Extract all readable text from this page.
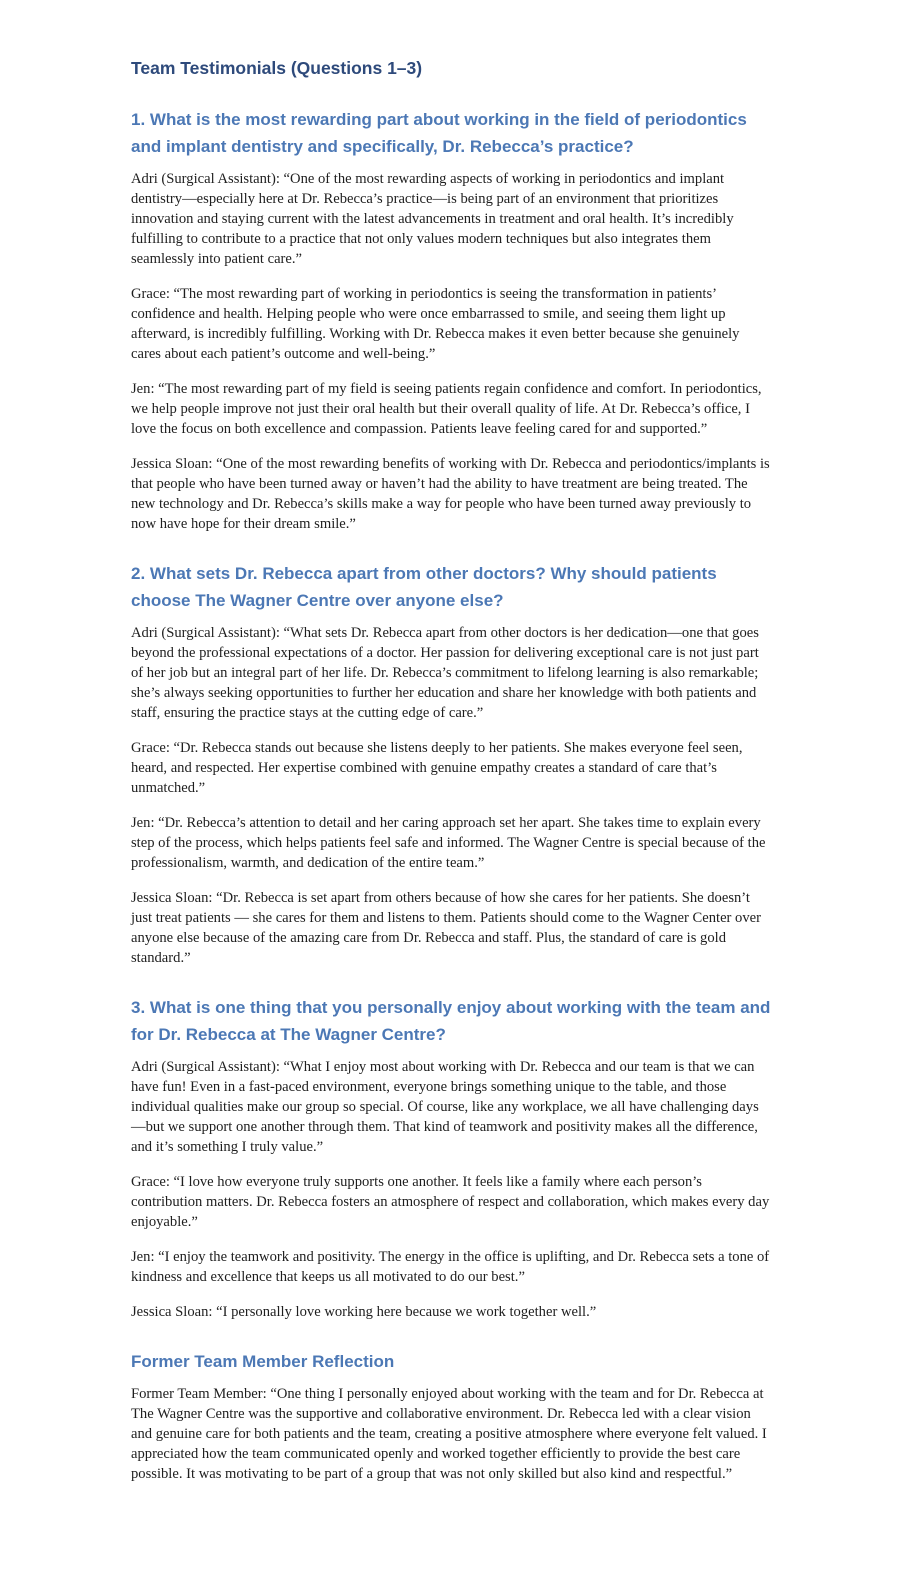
Team Testimonials (Questions 1–3)
1. What is the most rewarding part about working in the field of periodontics and implant dentistry and specifically, Dr. Rebecca’s practice?

Adri (Surgical Assistant): “One of the most rewarding aspects of working in periodontics and implant dentistry—especially here at Dr. Rebecca’s practice—is being part of an environment that prioritizes innovation and staying current with the latest advancements in treatment and oral health. It’s incredibly fulfilling to contribute to a practice that not only values modern techniques but also integrates them seamlessly into patient care.”

Grace: “The most rewarding part of working in periodontics is seeing the transformation in patients’ confidence and health. Helping people who were once embarrassed to smile, and seeing them light up afterward, is incredibly fulfilling. Working with Dr. Rebecca makes it even better because she genuinely cares about each patient’s outcome and well-being.”

Jen: “The most rewarding part of my field is seeing patients regain confidence and comfort. In periodontics, we help people improve not just their oral health but their overall quality of life. At Dr. Rebecca’s office, I love the focus on both excellence and compassion. Patients leave feeling cared for and supported.”

Jessica Sloan: “One of the most rewarding benefits of working with Dr. Rebecca and periodontics/implants is that people who have been turned away or haven’t had the ability to have treatment are being treated. The new technology and Dr. Rebecca’s skills make a way for people who have been turned away previously to now have hope for their dream smile.”

2. What sets Dr. Rebecca apart from other doctors? Why should patients choose The Wagner Centre over anyone else?

Adri (Surgical Assistant): “What sets Dr. Rebecca apart from other doctors is her dedication—one that goes beyond the professional expectations of a doctor. Her passion for delivering exceptional care is not just part of her job but an integral part of her life. Dr. Rebecca’s commitment to lifelong learning is also remarkable; she’s always seeking opportunities to further her education and share her knowledge with both patients and staff, ensuring the practice stays at the cutting edge of care.”

Grace: “Dr. Rebecca stands out because she listens deeply to her patients. She makes everyone feel seen, heard, and respected. Her expertise combined with genuine empathy creates a standard of care that’s unmatched.”

Jen: “Dr. Rebecca’s attention to detail and her caring approach set her apart. She takes time to explain every step of the process, which helps patients feel safe and informed. The Wagner Centre is special because of the professionalism, warmth, and dedication of the entire team.”

Jessica Sloan: “Dr. Rebecca is set apart from others because of how she cares for her patients. She doesn’t just treat patients — she cares for them and listens to them. Patients should come to the Wagner Center over anyone else because of the amazing care from Dr. Rebecca and staff. Plus, the standard of care is gold standard.”

3. What is one thing that you personally enjoy about working with the team and for Dr. Rebecca at The Wagner Centre?

Adri (Surgical Assistant): “What I enjoy most about working with Dr. Rebecca and our team is that we can have fun! Even in a fast-paced environment, everyone brings something unique to the table, and those individual qualities make our group so special. Of course, like any workplace, we all have challenging days—but we support one another through them. That kind of teamwork and positivity makes all the difference, and it’s something I truly value.”

Grace: “I love how everyone truly supports one another. It feels like a family where each person’s contribution matters. Dr. Rebecca fosters an atmosphere of respect and collaboration, which makes every day enjoyable.”

Jen: “I enjoy the teamwork and positivity. The energy in the office is uplifting, and Dr. Rebecca sets a tone of kindness and excellence that keeps us all motivated to do our best.”

Jessica Sloan: “I personally love working here because we work together well.”

Former Team Member Reflection

Former Team Member: “One thing I personally enjoyed about working with the team and for Dr. Rebecca at The Wagner Centre was the supportive and collaborative environment. Dr. Rebecca led with a clear vision and genuine care for both patients and the team, creating a positive atmosphere where everyone felt valued. I appreciated how the team communicated openly and worked together efficiently to provide the best care possible. It was motivating to be part of a group that was not only skilled but also kind and respectful.”
